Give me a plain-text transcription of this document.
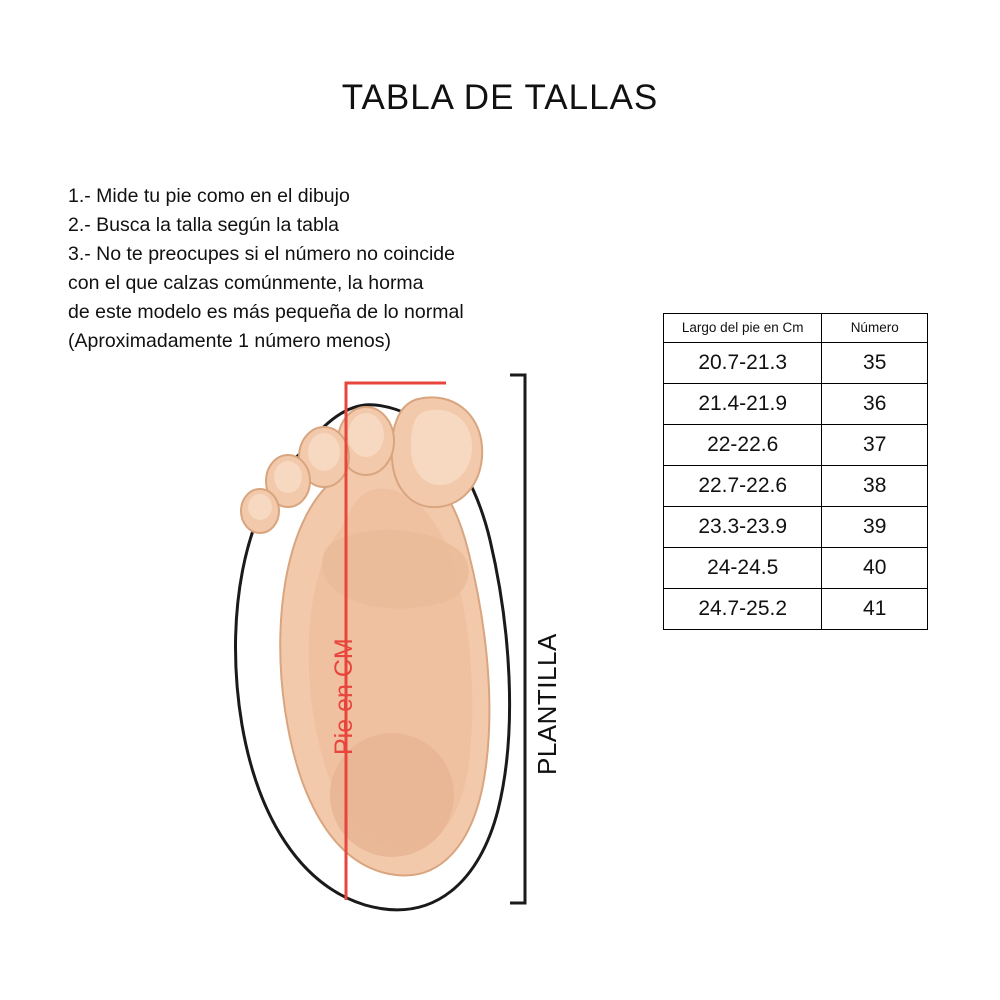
TABLA DE TALLAS
1.- Mide tu pie como en el dibujo
2.- Busca la talla según la tabla
3.- No te preocupes si el número no coincide
con el que calzas comúnmente, la horma
de este modelo es más pequeña de lo normal
(Aproximadamente 1 número menos)
Pie en CM	PLANTILLA
Largo del pie en Cm	Número
20.7-21.3	35
21.4-21.9	36
22-22.6	37
22.7-22.6	38
23.3-23.9	39
24-24.5	40
24.7-25.2	41
